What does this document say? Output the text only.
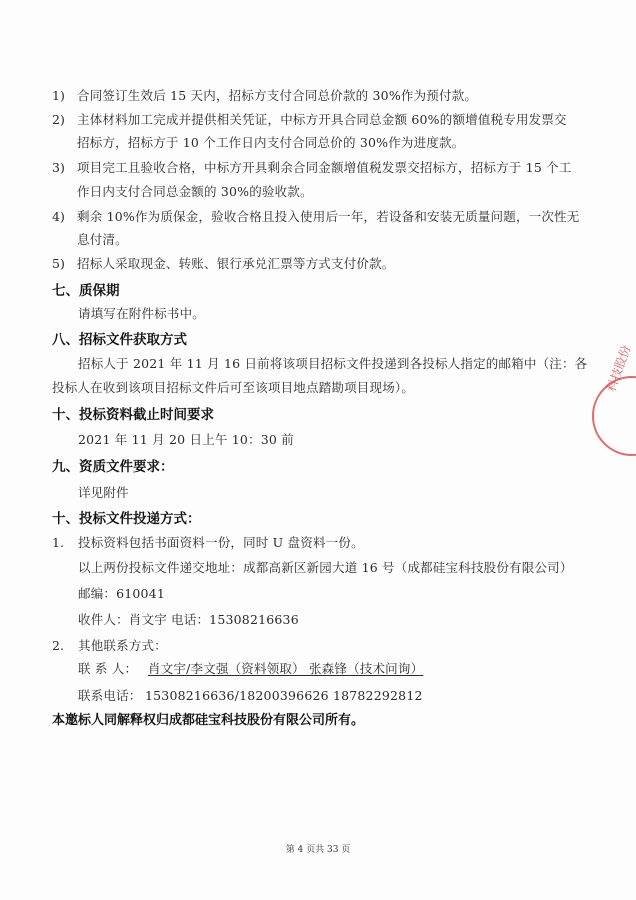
1) 合同签订生效后 15 天内，招标方支付合同总价款的 30%作为预付款。
2) 主体材料加工完成并提供相关凭证，中标方开具合同总金额 60%的额增值税专用发票交
招标方，招标方于 10 个工作日内支付合同总价的 30%作为进度款。
3) 项目完工且验收合格，中标方开具剩余合同金额增值税发票交招标方，招标方于 15 个工
作日内支付合同总金额的 30%的验收款。
4) 剩余 10%作为质保金，验收合格且投入使用后一年，若设备和安装无质量问题，一次性无
息付清。
5) 招标人采取现金、转账、银行承兑汇票等方式支付价款。
七、质保期
请填写在附件标书中。
八、招标文件获取方式
招标人于 2021 年 11 月 16 日前将该项目招标文件投递到各投标人指定的邮箱中（注：各
投标人在收到该项目招标文件后可至该项目地点踏勘项目现场）。
十、投标资料截止时间要求
2021 年 11 月 20 日上午 10：30 前
九、资质文件要求：
详见附件
十、投标文件投递方式：
1. 投标资料包括书面资料一份，同时 U 盘资料一份。
以上两份投标文件递交地址：成都高新区新园大道 16 号（成都硅宝科技股份有限公司）
邮编：610041
收件人：肖文宇 电话：15308216636
2. 其他联系方式：
联 系 人： 肖文宇/李文强（资料领取） 张森锋（技术问询）
联系电话： 15308216636/18200396626 18782292812
本邀标人同解释权归成都硅宝科技股份有限公司所有。
科技股份
第 4 页共 33 页
